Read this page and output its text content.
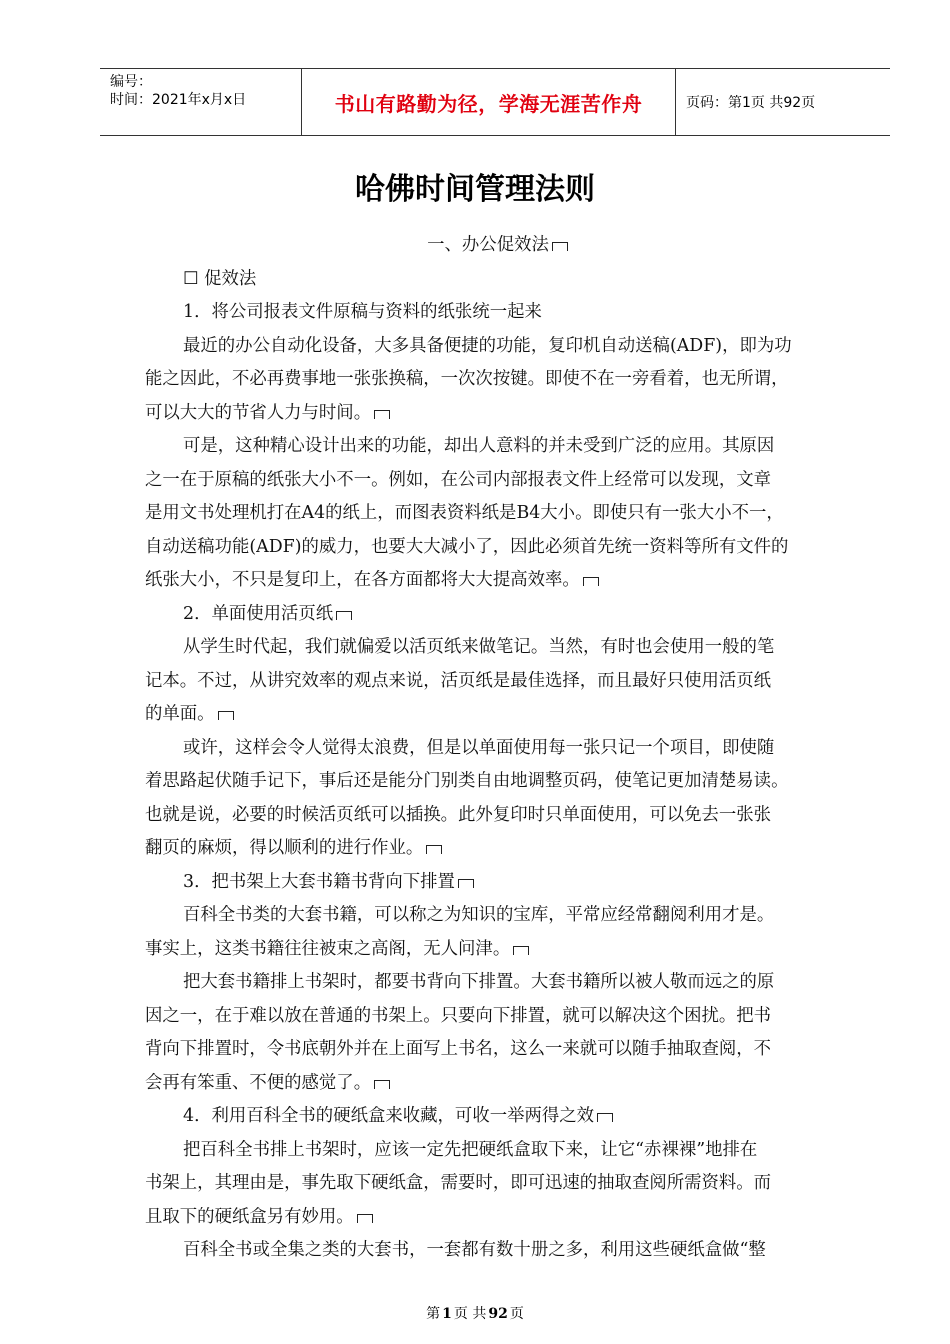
编号：
时间：2021年x月x日	书山有路勤为径，学海无涯苦作舟	页码：第1页 共92页
哈佛时间管理法则
一、办公促效法
☐ 促效法
1．将公司报表文件原稿与资料的纸张统一起来
最近的办公自动化设备，大多具备便捷的功能，复印机自动送稿(ADF)，即为功
能之因此，不必再费事地一张张换稿，一次次按键。即使不在一旁看着，也无所谓，
可以大大的节省人力与时间。
可是，这种精心设计出来的功能，却出人意料的并未受到广泛的应用。其原因
之一在于原稿的纸张大小不一。例如，在公司内部报表文件上经常可以发现，文章
是用文书处理机打在A4的纸上，而图表资料纸是B4大小。即使只有一张大小不一，
自动送稿功能(ADF)的威力，也要大大减小了，因此必须首先统一资料等所有文件的
纸张大小，不只是复印上，在各方面都将大大提高效率。
2．单面使用活页纸
从学生时代起，我们就偏爱以活页纸来做笔记。当然，有时也会使用一般的笔
记本。不过，从讲究效率的观点来说，活页纸是最佳选择，而且最好只使用活页纸
的单面。
或许，这样会令人觉得太浪费，但是以单面使用每一张只记一个项目，即使随
着思路起伏随手记下，事后还是能分门别类自由地调整页码，使笔记更加清楚易读。
也就是说，必要的时候活页纸可以插换。此外复印时只单面使用，可以免去一张张
翻页的麻烦，得以顺利的进行作业。
3．把书架上大套书籍书背向下排置
百科全书类的大套书籍，可以称之为知识的宝库，平常应经常翻阅利用才是。
事实上，这类书籍往往被束之高阁，无人问津。
把大套书籍排上书架时，都要书背向下排置。大套书籍所以被人敬而远之的原
因之一，在于难以放在普通的书架上。只要向下排置，就可以解决这个困扰。把书
背向下排置时，令书底朝外并在上面写上书名，这么一来就可以随手抽取查阅，不
会再有笨重、不便的感觉了。
4．利用百科全书的硬纸盒来收藏，可收一举两得之效
把百科全书排上书架时，应该一定先把硬纸盒取下来，让它“赤裸裸”地排在
书架上，其理由是，事先取下硬纸盒，需要时，即可迅速的抽取查阅所需资料。而
且取下的硬纸盒另有妙用。
百科全书或全集之类的大套书，一套都有数十册之多，利用这些硬纸盒做“整
第 1 页 共 92 页
